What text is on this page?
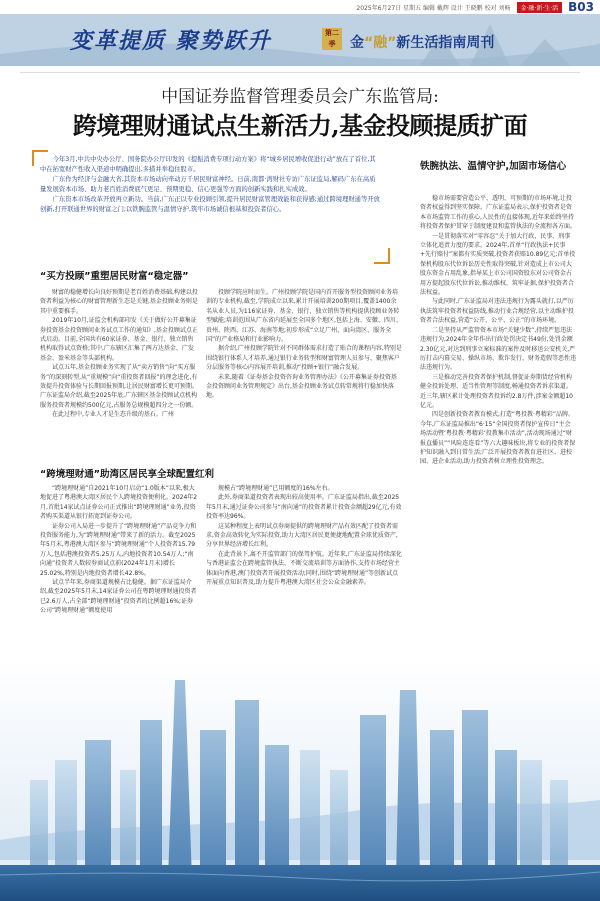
2025年6月27日 星期五 编辑 戴辉 设计 王晓鹏 校对 刘畅	金·融·新·生·活 B03
变革提质 聚势跃升	第二季	金“融”新生活指南周刊
中国证券监督管理委员会广东监管局:
跨境理财通试点生新活力,基金投顾提质扩面

今年3月,中共中央办公厅、国务院办公厅印发的《提振消费专项行动方案》将“城乡居民增收促进行动”放在了首位,其中在拓宽财产性收入渠道中明确提出,多措并举稳住股市。

广东作为经济与金融大省,其资本市场动向牵动万千居民财富神经。日前,南都·湾财社专访广东证监局,解码广东在高质量发展资本市场、助力老百姓消费底气更足、预期更稳、信心更强等方面的创新实践和扎实成效。

广东资本市场改革开放再立新功。当前,广东正以专业投顾引领,提升居民财富管理效能和获得感;通过跨境理财通等开放创新,打开联通世界的财富之门;以铁腕监管与温情守护,筑牢市场诚信根基和投资者信心。

铁腕执法、温情守护,加固市场信心

稳市场需要营造公平、透明、可预期的市场环境,让投资者权益得到坚实保障。广东证监局表示,保护投资者是资本市场监管工作的重心,人民性的直接体现,近年来始终坚持将投资者保护贯穿于制度建设和监管执法的全流程各方面。

一是贯彻落实对“零容忍”关于加大行政、民事、刑事立体化追责力度的要求。2024年,首单“行政执法+民事+先行赔付”案都有实质突破,投资者获赔10.89亿元;首单投保机构股东代位诉讼历史性取得突破,针对造成上市公司大股东资金占用乱象,指导某上市公司国资股东对公司资金占用方提起股东代位诉讼,推动维权、筑牢证据,保护投资者合法权益。

与此同时,广东证监局对违法违规行为露头就打,以严厉执法筑牢投资者权益防线,推动行业合规经营,以主动维护投资者合法权益,营造“公开、公平、公正”的市场环境。

二是坚持从严监管资本市场“关键少数”,持续严惩违法违规行为,2024年全年作出行政处罚决定书49份,处罚金额2.30亿元,对达到刑事立案标准的案件及时移送公安机关,严厉打击内幕交易、操纵市场、欺诈发行、财务造假等恶性违法违规行为。

三是推动完善投资者保护机制,督促证券期货经营机构健全投诉处理、适当性管理等制度,畅通投资者诉求渠道。近三年,辖区累计处理投资者投诉约2.8万件,涉案金额超10亿元。

四是创新投资者教育模式,打造“粤投教·粤精彩”品牌。今年,广东证监局推出“6·15”全国投资者保护宣传日“主会场活动暨‘粤投教·粤精彩’投教集市活动”,活动现场通过“财报直播员”“风险连连看”等六大趣味板块,将专业的投资者保护知识融入到日常生活;广泛开展投资者教育进社区、进校园、进企业活动,助力投资者树立理性投资理念。

“买方投顾”重塑居民财富“稳定器”

财富的稳健增长向良好预期是老百姓消费基础,构建以投资者利益为核心的财富管理新生态是关键,基金投顾业务则是其中重要推手。

2019年10月,证监会机构部印发《关于做好公开募集证券投资基金投资顾问业务试点工作的通知》,基金投顾试点正式启动。目前,全国共有60家证券、基金、银行、独立销售机构取得试点资格;其中,广东辖区汇集了两方达基金、广发基金、盈米基金等头部机构。

试点五年,基金投顾业务实现了从“卖方销售”向“买方服务”的深刻转型,从“重规模”向“重投资者回报”的理念进化,有效提升投资体验与长期回报预期,让居民财富增长更可预期。广东证监局介绍,截至2025年底,广东辖区基金投顾试点机构服务投资者规模约500亿元,占服务总规模超四分之一份额。

在此过程中,专业人才是生态升级的基石。广州

投顾学院应时而生。广州投顾学院是国内首开服务型投资顾问业务培训的专业机构,截至,学院成立以来,累计开展培训200期项目,覆盖1400余名从业人员,为116家证券、基金、银行、独立销售等机构提供投顾业务转型赋能;培训范围从广东省内延展至全国多个地区,包括上海、安徽、四川、贵州、陕西、江苏、海南等地;初步形成“立足广州、面向湾区、服务全国”的产业格局和行业影响力。

据介绍,广州投顾学院针对不同群体需求打造了贴合的课程内容,特别是围绕银行体系人才培养,通过银行业务转型和财富管理人员参与、聚焦客户分层服务等核心内容展开培训,推动“投顾+银行”融合发展。

未来,随着《证券基金投资咨询业务管理办法》《公开募集证券投资基金投资顾问业务管理规定》出台,基金投顾业务试点转常规将行稳加快落地。

“跨境理财通”助湾区居民享全球配置红利

“跨境理财通”自2021年10月启动“1.0版本”以来,极大地促进了粤港澳大湾区居民个人跨境投资便利化。2024年2月,首批14家试点证券公司正式推出“跨境理财通”业务,投资者购买渠道从银行拓宽到证券公司。

证券公司入局进一步提升了“跨境理财通”产品竞争力和投资服务能力,为“跨境理财通”带来了新的活力。截至2025年5月末,粤港澳大湾区参与“跨境理财通”个人投资者15.79万人,包括港澳投资者5.25万人,内地投资者10.54万人;“南向通”投资者人数较券商试点前(2024年1月末)增长25.02%,特别是内地投资者增长42.8%。

试点半年来,券商渠道规模占比稳健。据广东证监局介绍,截至2025年5月末,14家证券公司在粤跨境理财通投资者已2.6万人,占全部“跨境理财通”投资者的比例超16%;证券公司“跨境理财通”额度使用

规模占“跨境理财通”已用额度的16%左右。

此外,券商渠道投资者表现出较高使用率。广东证监局指出,截至2025年5月末,通过证券公司参与“南向通”的投资者累计投资金额超29亿元,有效投资率达96%。

这某种程度上表明试点券商提供的跨境理财产品有效匹配了投资者需求,资金高效转化为实际投资,助力大湾区居民更便捷地配置全球优质资产,分享世界经济增长红利。

在此背景下,离不开监管部门的保驾护航。近年来,广东证监局持续深化与香港证监会在跨境监管执法、不断交流培训等方面协作,支持市场经营主体面向香港,澳门投资者开展投资活动;同时,围绕“跨境理财通”等创新试点开展重点知识普及,助力提升粤港澳大湾区社会公众金融素养。
